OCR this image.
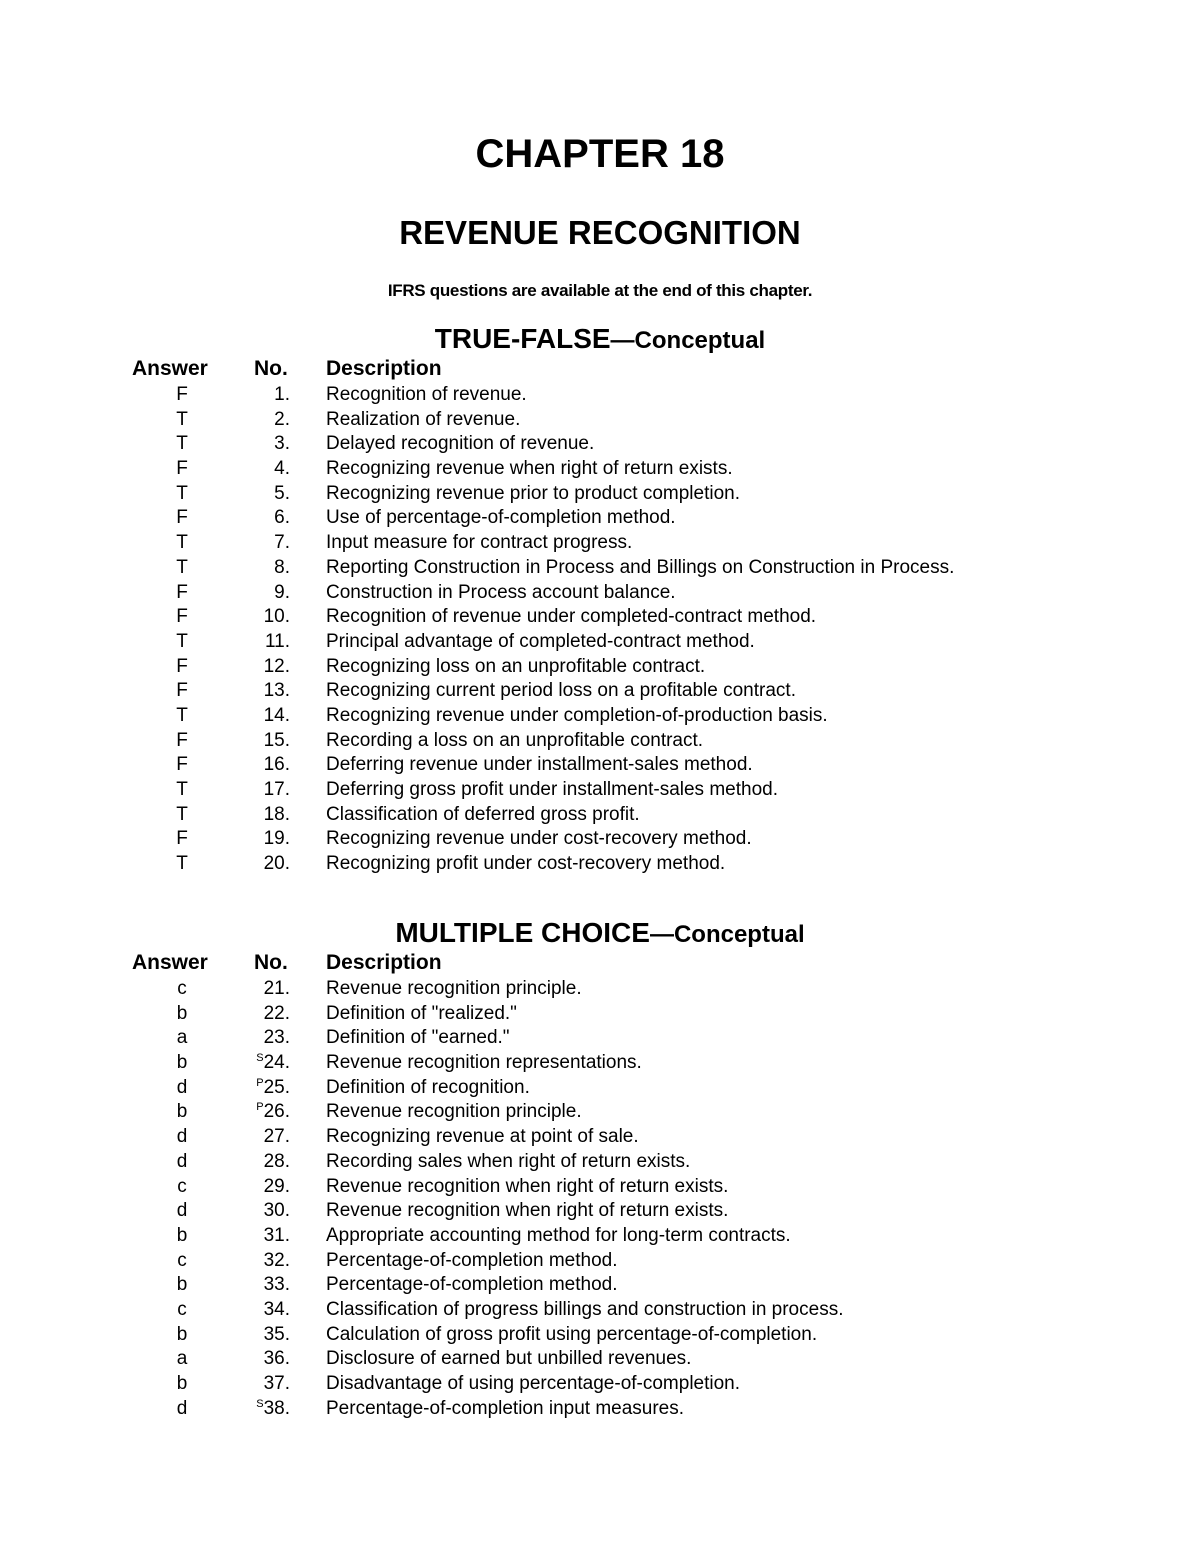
CHAPTER 18
REVENUE RECOGNITION
IFRS questions are available at the end of this chapter.
TRUE-FALSE—Conceptual
Answer No. Description
F	1. Recognition of revenue.
T	2. Realization of revenue.
T	3. Delayed recognition of revenue.
F	4. Recognizing revenue when right of return exists.
T	5. Recognizing revenue prior to product completion.
F	6. Use of percentage-of-completion method.
T	7. Input measure for contract progress.
T	8. Reporting Construction in Process and Billings on Construction in Process.
F	9. Construction in Process account balance.
F	10. Recognition of revenue under completed-contract method.
T	11. Principal advantage of completed-contract method.
F	12. Recognizing loss on an unprofitable contract.
F	13. Recognizing current period loss on a profitable contract.
T	14. Recognizing revenue under completion-of-production basis.
F	15. Recording a loss on an unprofitable contract.
F	16. Deferring revenue under installment-sales method.
T	17. Deferring gross profit under installment-sales method.
T	18. Classification of deferred gross profit.
F	19. Recognizing revenue under cost-recovery method.
T	20. Recognizing profit under cost-recovery method.
MULTIPLE CHOICE—Conceptual
Answer No. Description
c	21. Revenue recognition principle.
b	22. Definition of "realized."
a	23. Definition of "earned."
b	$^S$24. Revenue recognition representations.
d	$^P$25. Definition of recognition.
b	$^P$26. Revenue recognition principle.
d	27. Recognizing revenue at point of sale.
d	28. Recording sales when right of return exists.
c	29. Revenue recognition when right of return exists.
d	30. Revenue recognition when right of return exists.
b	31. Appropriate accounting method for long-term contracts.
c	32. Percentage-of-completion method.
b	33. Percentage-of-completion method.
c	34. Classification of progress billings and construction in process.
b	35. Calculation of gross profit using percentage-of-completion.
a	36. Disclosure of earned but unbilled revenues.
b	37. Disadvantage of using percentage-of-completion.
d	$^S$38. Percentage-of-completion input measures.
